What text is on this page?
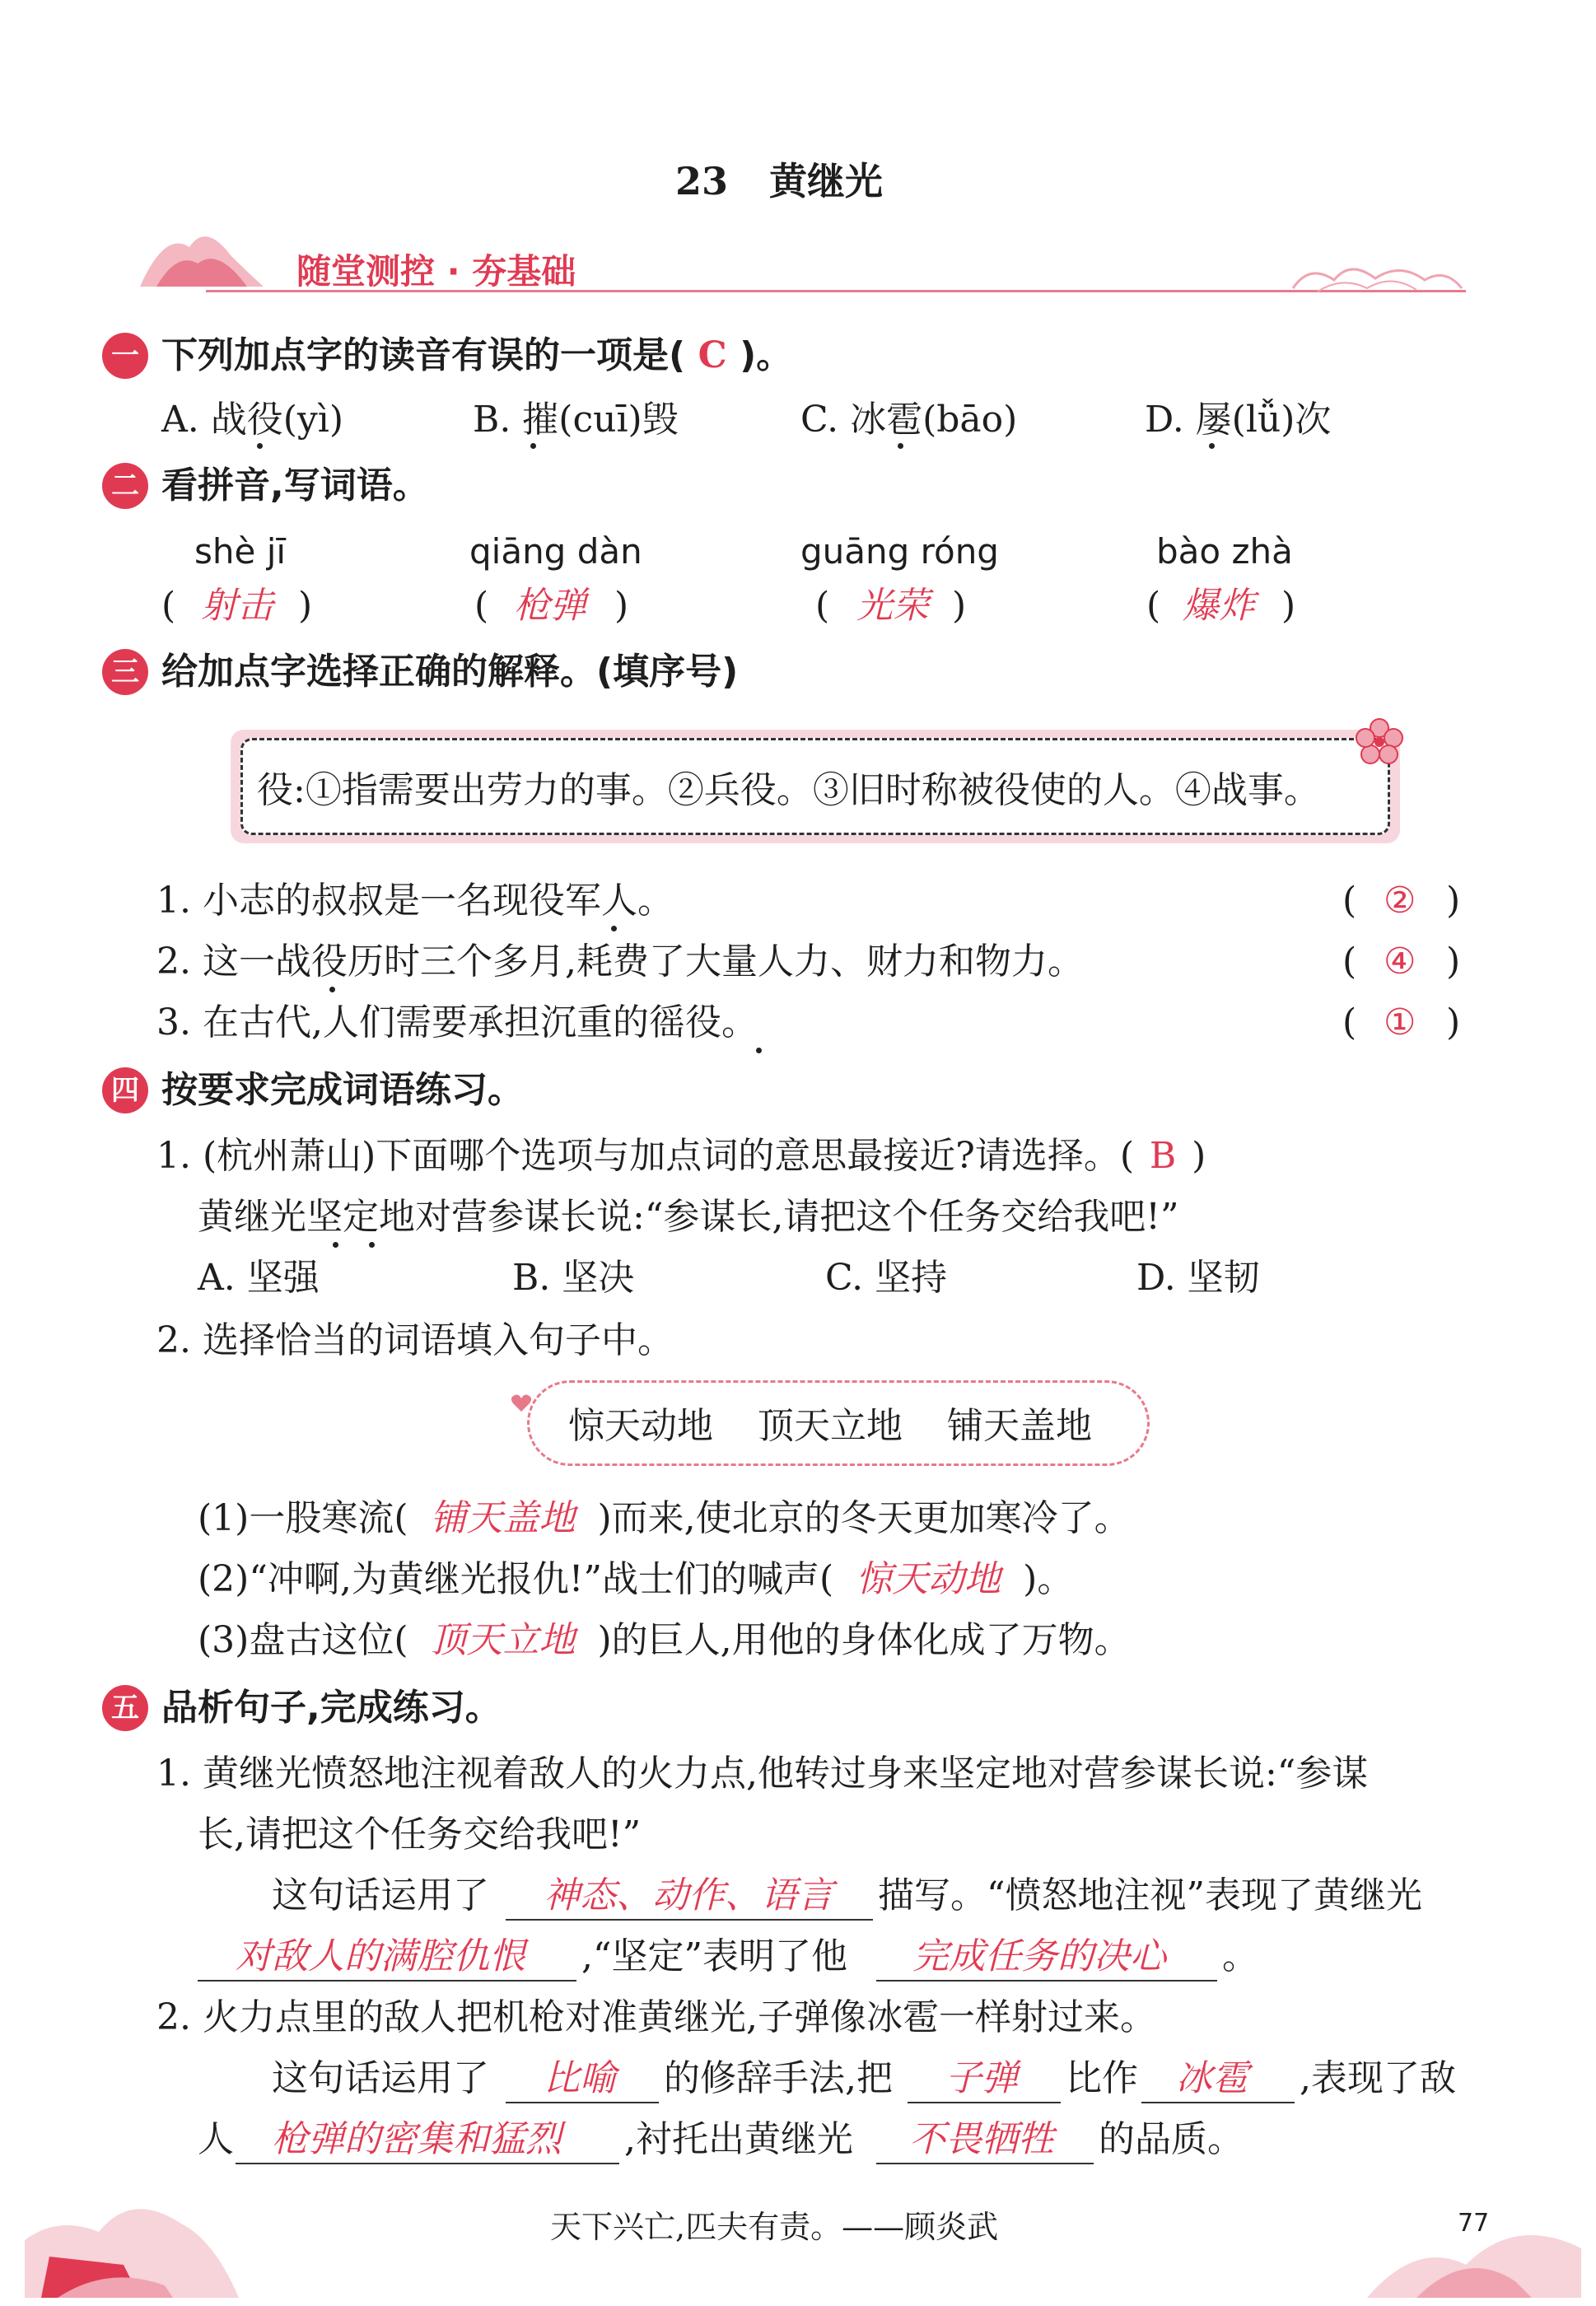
23 黄继光
随堂测控 · 夯基础
一 下列加点字的读音有误的一项是( C )。
A. 战役(yì)	B. 摧(cuī)毁	C. 冰雹(bāo)	D. 屡(lǚ)次
二 看拼音,写词语。
shè jī	qiāng dàn	guāng róng	bào zhà
( 射击 )	( 枪弹 )	( 光荣 )	( 爆炸 )
三 给加点字选择正确的解释。(填序号)
役:①指需要出劳力的事。②兵役。③旧时称被役使的人。④战事。
1. 小志的叔叔是一名现役军人。	( ② )
2. 这一战役历时三个多月,耗费了大量人力、财力和物力。	( ④ )
3. 在古代,人们需要承担沉重的徭役。	( ① )
四 按要求完成词语练习。
1. (杭州萧山)下面哪个选项与加点词的意思最接近?请选择。( B )
黄继光坚定地对营参谋长说:“参谋长,请把这个任务交给我吧!”
A. 坚强	B. 坚决	C. 坚持	D. 坚韧
2. 选择恰当的词语填入句子中。
惊天动地 顶天立地 铺天盖地
(1)一股寒流( 铺天盖地 )而来,使北京的冬天更加寒冷了。
(2)“冲啊,为黄继光报仇!”战士们的喊声( 惊天动地 )。
(3)盘古这位( 顶天立地 )的巨人,用他的身体化成了万物。
五 品析句子,完成练习。
1. 黄继光愤怒地注视着敌人的火力点,他转过身来坚定地对营参谋长说:“参谋
长,请把这个任务交给我吧!”
这句话运用了 神态、动作、语言 描写。“愤怒地注视”表现了黄继光
对敌人的满腔仇恨 ,“坚定”表明了他 完成任务的决心 。
2. 火力点里的敌人把机枪对准黄继光,子弹像冰雹一样射过来。
这句话运用了 比喻 的修辞手法,把 子弹 比作 冰雹 ,表现了敌
人 枪弹的密集和猛烈 ,衬托出黄继光 不畏牺牲 的品质。
天下兴亡,匹夫有责。——顾炎武	77
